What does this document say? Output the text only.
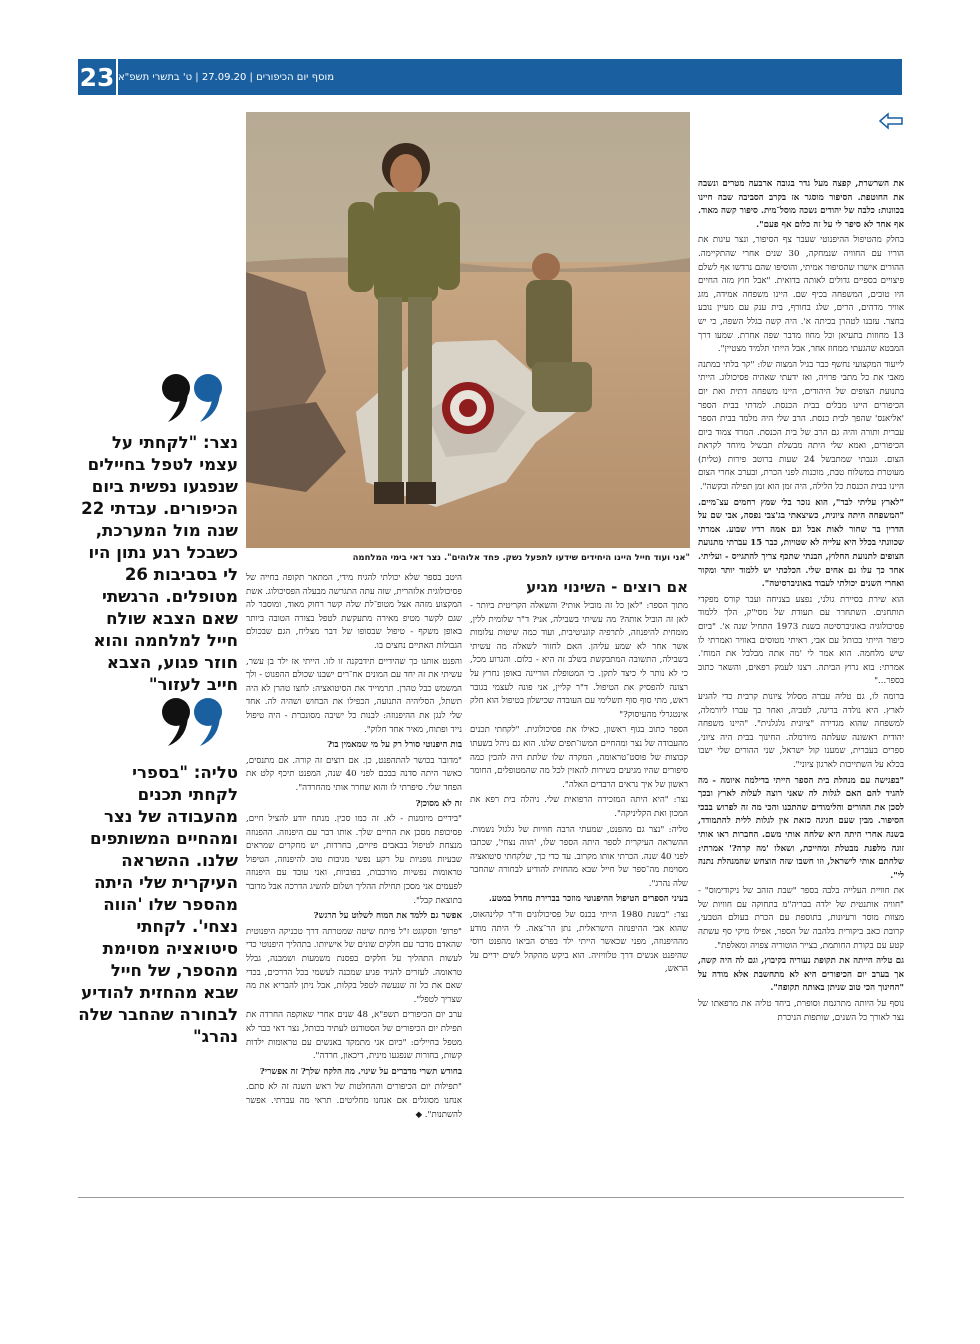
23 מוסף יום הכיפורים | 27.09.20 | ט' בתשרי תשפ"א
"אני ועוד חייל היינו היחידים שידעו לתפעל נשק. פחד אלוהים". נצר דאי בימי המלחמה
נצר: "לקחתי על עצמי לטפל בחיילים שנפגעו נפשית ביום הכיפורים. עבדתי 22 שנה מול המערכת, כשבכל רגע נתון היו לי בסביבות 26 מטופלים. הרגשתי שאם הצבא שולח חייל למלחמה והוא חוזר פגוע, הצבא חייב לעזור"
טליה: "בספרי לקחתי תכנים מהעבודה של נצר ומהחיים המשותפים שלנו. ההשראה העיקרית שלי היתה מהספר שלו 'הווה נצחי'. לקחתי סיטואציה מסוימת מהספר, של חייל שבא מהחזית להודיע לבחורה שהחבר שלה נהרג"

את השרשרת, קפצה מעל גדר בגובה ארבעה מטרים ונשבה את החוטפת. הסיפור מוסגר אז בקרב הסביבה שבה חיינו בכוונות: כלבה של יהודים נשכה מוסל־מית. סיפור קשה מאוד. אף אחד לא סיפר לי על זה כלום אף פעם".

בחלק מהטיפול ההיפנוטי שעבר צף הסיפור, ונצר עיגות את הוריו עם החוויה שנמחקה, 30 שנים אחרי שהתקיימה. ההורים אישרו שהסיפור אמיתי, והוסיפו שהם נרדשו אף לשלם פיצויים בספיים גדולים לאותה בדואית. "אבל חוץ מזה החיים היו טובים, המשפחה בכיף שם. היינו משפחה אמידה, מזג אוויר מדהים, הרים, שלג בחורף, בית ענק עם מעיין נובע בחצר. עזבנו לטהרן בכיתה א'. היה קשה בגלל השפה, כי יש 13 מחוזות בתעיאן וכל מחוז מדבר שפה אחרת. שמעו דרך המבטא שהגעתי ממחוז אחר, אבל הייתי תלמיד מצטיין".

לייעוד המקצועי נחשף כבר בגיל המצוה שלו: "קר בלתי במתנה מאבי את כל מתבי פרויה, ואז ידעתי שאהיה פסיכולוג. הייתי בתנועת הצופים של היהודים, היינו משפחה דתית ואת יום הכיפורים היינו מבלים בבית הכנסת. למדתי בבית הספר 'אליאנס' שהפך לבית כנסת. הרב שלי היה מלמד בבית הספר עברית ותורה והיה גם הרב של בית הכנסת. המרד צמוד ביום הכיפורים, ואמא שלי היתה מבשלת תבשיל מיוחד לקראת הצום. וגנבתי שמתבשל 24 שעות ברוטב פירות (טלית) מעוטרת במשלוח טבת, מוכנות לפני הכרת, ובערב אחרי הצום היינו בבית הכנסת כל הלילה, היה זמן הוא זמן תפילה ובקשה".

"לארץ עליתי לבד", הוא נזכר בלי שמץ רחמים עצ־מיים. "המשפחה היתה ציונית, כשיצאתי בג'צבי נפסה, אבי שם על הדרין בר שחור לאות אבל וגם אמה רדיו שבוע. אמרתי שכוונתי בכלל היא עלייה לא שטויות, כבר 15 עברתי מתנועת הצופים לתנועת החלוץ, הבנתי שתכף צריך להתגייס - ועליתי. אחד כך עלו גם אחים שלי. הכלכתי יש ללמוד יותר ומקור ואחרי השנים יכולתי לעבוד באוניברסיטה".

הוא שירת בסיירת גולני, נפצע בצניחה ועבר קורס מפקדי תותחנים. השתחרר עם תעודת של מסי"ק, הלך ללמוד פסיכולוגיה באוניברסיטה בשנת 1973 התחיל שנה א'. "ביום כיפור הייתי בכותל עם אבי, ראיתי מטוסים באוויר ואמרתי לו שיש מלחמה. הוא אמר לי 'מה אתה מבלבל את המוח'. אמרתי: בוא נרוץ הביתה. רצנו לעמק רפאים, והשאר כתוב בספר..."

ברומה לו, גם טליה עברה מסלול ציונות קרבית כדי להגיע לארץ. היא נולדה בריגה, לטביה, ואחר כך עברו ליורמלה, למשפחה שהוא מגדירה "ציונית גלגלנית". "היינו משפחה יהודית ראשונה שעלתה מיורמלה. החינוך בבית היה ציוני, ספרים בעברית, שמענו קול ישראל, שני ההורים שלי ישבו בכלא על השתייכות לארגון ציוני".

"בפגישה עם מנהלת בית הספר הייתי בדילמה איומה - מה להגיד להם האם לגלות לה שאני רוצה לעלות לארץ ובכך לסכן את ההורים והלימודים שהתכנו והכי מה זה לפרוש בבכי הסיפור. מבין שעם חגיגה כזאת אין לגלות ללית להתמודד, בשנה אחרי היתה היא שלחה אותי משם. החברות ראו אותי זוגה מלפנת מבטלת ומחייכת, ושאלו 'מה קרה?' אמרתי: שלחתם אותי לישראל, וזו חשבו שזה הוצחש שהמנהלת נתנה לי".

את חוויית העלייה בלבה בספר "שבת הזהב של ניקודימוס" - "חוויה אותנטית של ילדה בבריה"מ בתחוקה עם חוויות של מצוות מוסר ורעיונות, בתוספת עם הכרת בעולם הטבעי, קרובת כאב ביקורית בלהבה של הספר, אפילו מיקי סף עשתה קטע עם בקורת החותמת, בצייר הוטוריה צפויה ומאלפת".

גם טליה הייתה את תקופת נעוריה בקיבוץ, וגם לה היה קשה, אך בערב יום הכיפורים היא לא מתחשבת אלא מודה על "החינוך הכי טוב שניתן באותה תקופה".

נוסף על היותה מתרגמת וסופרת, ביחד טליה את מרפאתו של נצר לאורך כל השנים, שותפות הניכרת

אם רוצים - השינוי מגיע

מתוך הספר: "לאן כל זה מוביל אותי? והשאלה הקריטית ביותר - לאן זה הוביל אותה? מה עשיתי בשבילה, אני? ד"ר שלומית ללין, מומחית להיפנוזה, לתרפיה קוגניטיבית, ועוד כמה שיטות עלומות אשר אחר לא שמע עליהן. האם לחזור לשאלה מה עשיתי בשבילה, התשובה המתבקשת בשלב זה היא - כלום. והגרוע מכל, כי לא נותר לי כיצד לתקן. כי המטופלת הוריינה באופן נחרץ על רצונה להפסיק את הטיפול. ד"ר קליין, אני פונה לעצמי בגובר ראש, מתי סוף סוף תשלימי עם העובדה שכישלון בטיפול הוא חלק אינטגרלי מהעיסוק?"

הספר כתוב בגוף ראשון, כאילו את פסיכולוגית. "לקחתי תכנים מהעבודה של נצר ומהחיים המשו־תפים שלנו. הוא גם ניהל בשעתו קבוצות של פוסט־טראומה, המקרה שלו שלתת היה להכין כמה סיפורים שהיו מגיעים כשירות להאזין לכל מה שהמטופלים, החומר ראשון של איך נראים הרבדים האלה".

נצר: "היא היתה המזכירה הרפואית שלי. ניהלה בית רפא את המכון ואת הקליניקה".

טליה: "נצר גם מהפנט, שמעתי הרבה חוויות של גלגול נשמות. ההשראה העיקרית לספר היתה הספר שלו, 'הווה נצחי', שכתבו לפני 40 שנה. הכרתי אותו מקרוב. עד כדי כך, שלקחתי סיטואציה מסוימת מה־ספר של חייל שבא מהחזית להודיע לבחורה שהחבר שלה נהרג".

בעיני הספרים הטיפול ההיפנוטי מוזכר בברירת מחדל במטע.

נצר: "בשנת 1980 הייתי בכנס של פסיכולוגים וד"ר קלינהאוס, שהוא אבי ההיפנוזה הישראלית, נתן הר־צאה. לי היתה מודע מההיפנוזה, מפני שכאשר הייתי ילד בפרס הביאו מהפנט רוסי שהיפנט אנשים דרך טלוויזיה. הוא ביקש מהקהל לשים ידיים על הראש,

היטב בספר שלא יכולתי להגיח מידי, המתאר תקופה בחייה של פסיכולוגית אלזהרית, שזה עתה התגרשה מבעלה הפסיכולוג. אשת המקצוע מזהה אצל מטופ־לת שלה קשר רחוק מאוד, ומוסבר לה שגם לקשר מטיפ מאירה מתעקשת לטפל בצורה הטובה ביותר באופן משקף - טיפול שבסופו של דבר מצליח, הגם שבכולם הגבולות האתיים נחצים בו.

והפנט אותנו כך שהידיים תידבקנה זו לזו. הייתי אז ילד בן עשר, עשיתי את זה יחד עם המונים אח־רים ישבנו שכולם ההפנוט - ולך המשמש כבל טהרן. תרמוייד את הסיטואציה: לחצו טהרן לא היה תשתל, הסליהיה התנועה, הכפילו את הבחוש ושהיה לה. אחד שלי לנגן את ההיפנוזה: לבנות כל ישיבה מסונכרת - היה טיפול נייד ופתוח, מאיר אחד חלוק".

בות היפנוטי סורל רק על מי שמאמין בו?

"מדובר בכושר להתהפנט, כן. אם רוצים זה קורה. אם מתנסים, כאשר היתה סדנה בבכם לפני 40 שנה, המפנט תיכף קלט את הפחד שלי. סיפרתי לו והוא שחרר אותי מהחרדה".

זה לא מסוכן?

"בידיים מיומנות - לא. זה כמו סכין. מנתח יודע להציל חיים, פסיכופת מסכן את החיים שלך. אותו דבר עם היפנוזה. ההפנוזה מנצחת לטיפול בבאבים פיזיים, בחרדות, יש מחקרים שמראים שבעיות גופניות על רקע נפשי מגיבות טוב להיפנוזה, הטיפול טראומות נפשיות מורכבות, בפוביות, ואני עובד עם היפנוזה לפעמים אני מסכן תחילת ההליך ושלום להשיג הדרכה אבל מדובר בתוצאת קבל".

אפשר גם ללמד את המוח לשלוט על הרגש?

"פרופ' ווסקוגט ז"ל פיתח שיטה שמטרתה דרך טכניקה היפנוטית שהאדם מדבר עם חלקים שונים של אישיותו. בתהליך היפנוטי כדי לעשות התהליך על חלקים בפסנת משמעות ושמבנה, גבלל טראומה. לעזרים להגיד פגיע שמכנה לעשמי בכל הדרכים, בכדי שאם את כל זה שנעשה לטפל בקלות, אבל ניתן להבריא את מה שצריך לטפל".

ערב יום הכיפורים תשפ"א, 48 שנים אחרי שאוקפה החרדה את תפילת יום הכיפורים של הסטודנט לעתיד בכותל, נצר דאי כבר לא מטפל בחיילים: "כיום אני מתמקד באנשים עם טראומות ילדות קשות, בחורות שנפגעו מינית, דיכאון, חרדה".

בחודש תשרי מדברים על שינוי. מה הלקח שלך? זה אפשרי?

"תפילות יום הכיפורים וההחלטות של ראש השנה זה לא סתם. אנחנו מסוגלים אם אנחנו מחליטים. תראי מה עברתי. אפשר להשתנות". ◆
